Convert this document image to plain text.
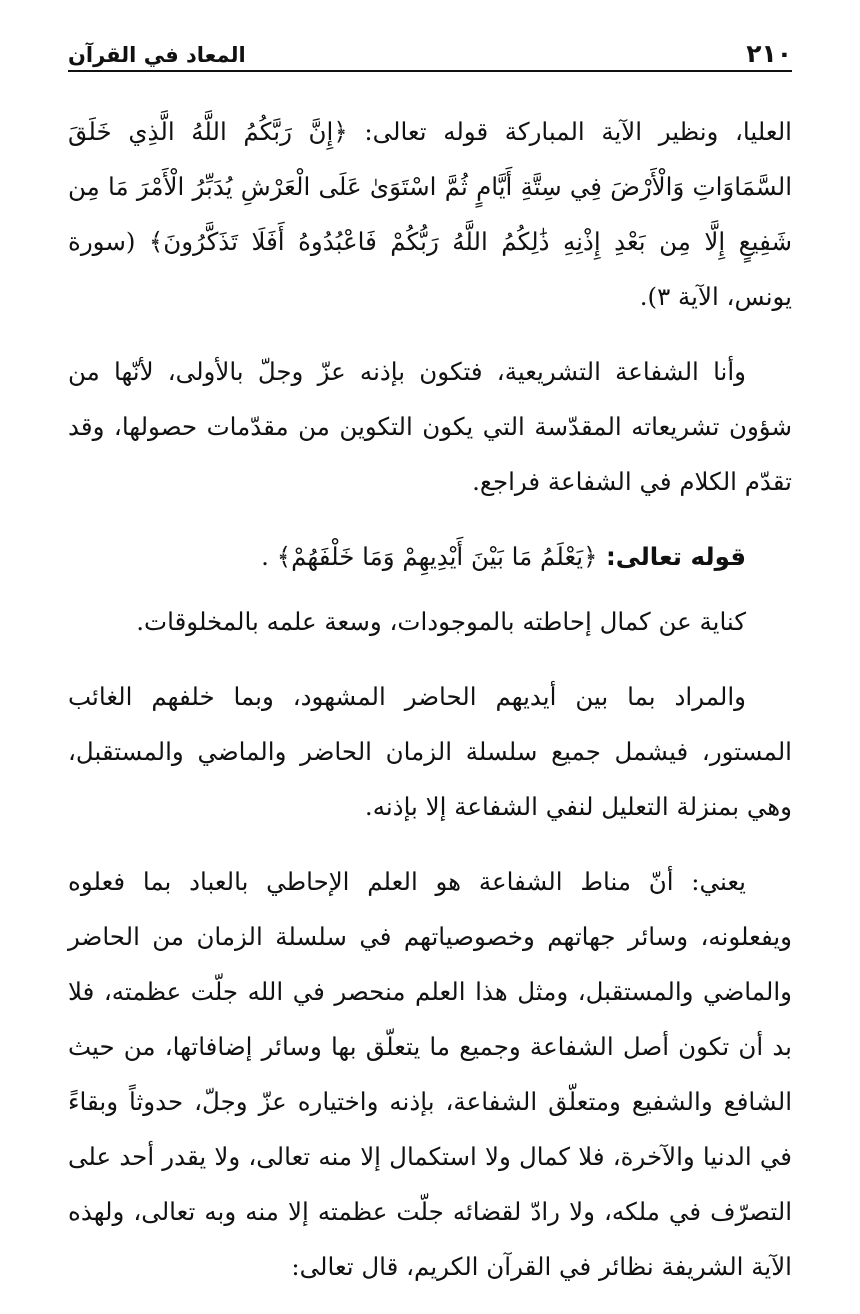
٢١٠
المعاد في القرآن

العليا، ونظير الآية المباركة قوله تعالى: ﴿إِنَّ رَبَّكُمُ اللَّهُ الَّذِي خَلَقَ السَّمَاوَاتِ وَالْأَرْضَ فِي سِتَّةِ أَيَّامٍ ثُمَّ اسْتَوَىٰ عَلَى الْعَرْشِ يُدَبِّرُ الْأَمْرَ مَا مِن شَفِيعٍ إِلَّا مِن بَعْدِ إِذْنِهِ ذَٰلِكُمُ اللَّهُ رَبُّكُمْ فَاعْبُدُوهُ أَفَلَا تَذَكَّرُونَ﴾ (سورة يونس، الآية ٣).

وأنا الشفاعة التشريعية، فتكون بإذنه عزّ وجلّ بالأولى، لأنّها من شؤون تشريعاته المقدّسة التي يكون التكوين من مقدّمات حصولها، وقد تقدّم الكلام في الشفاعة فراجع.

قوله تعالى: ﴿يَعْلَمُ مَا بَيْنَ أَيْدِيهِمْ وَمَا خَلْفَهُمْ﴾ .

كناية عن كمال إحاطته بالموجودات، وسعة علمه بالمخلوقات.

والمراد بما بين أيديهم الحاضر المشهود، وبما خلفهم الغائب المستور، فيشمل جميع سلسلة الزمان الحاضر والماضي والمستقبل، وهي بمنزلة التعليل لنفي الشفاعة إلا بإذنه.

يعني: أنّ مناط الشفاعة هو العلم الإحاطي بالعباد بما فعلوه ويفعلونه، وسائر جهاتهم وخصوصياتهم في سلسلة الزمان من الحاضر والماضي والمستقبل، ومثل هذا العلم منحصر في الله جلّت عظمته، فلا بد أن تكون أصل الشفاعة وجميع ما يتعلّق بها وسائر إضافاتها، من حيث الشافع والشفيع ومتعلّق الشفاعة، بإذنه واختياره عزّ وجلّ، حدوثاً وبقاءً في الدنيا والآخرة، فلا كمال ولا استكمال إلا منه تعالى، ولا يقدر أحد على التصرّف في ملكه، ولا رادّ لقضائه جلّت عظمته إلا منه وبه تعالى، ولهذه الآية الشريفة نظائر في القرآن الكريم، قال تعالى:
